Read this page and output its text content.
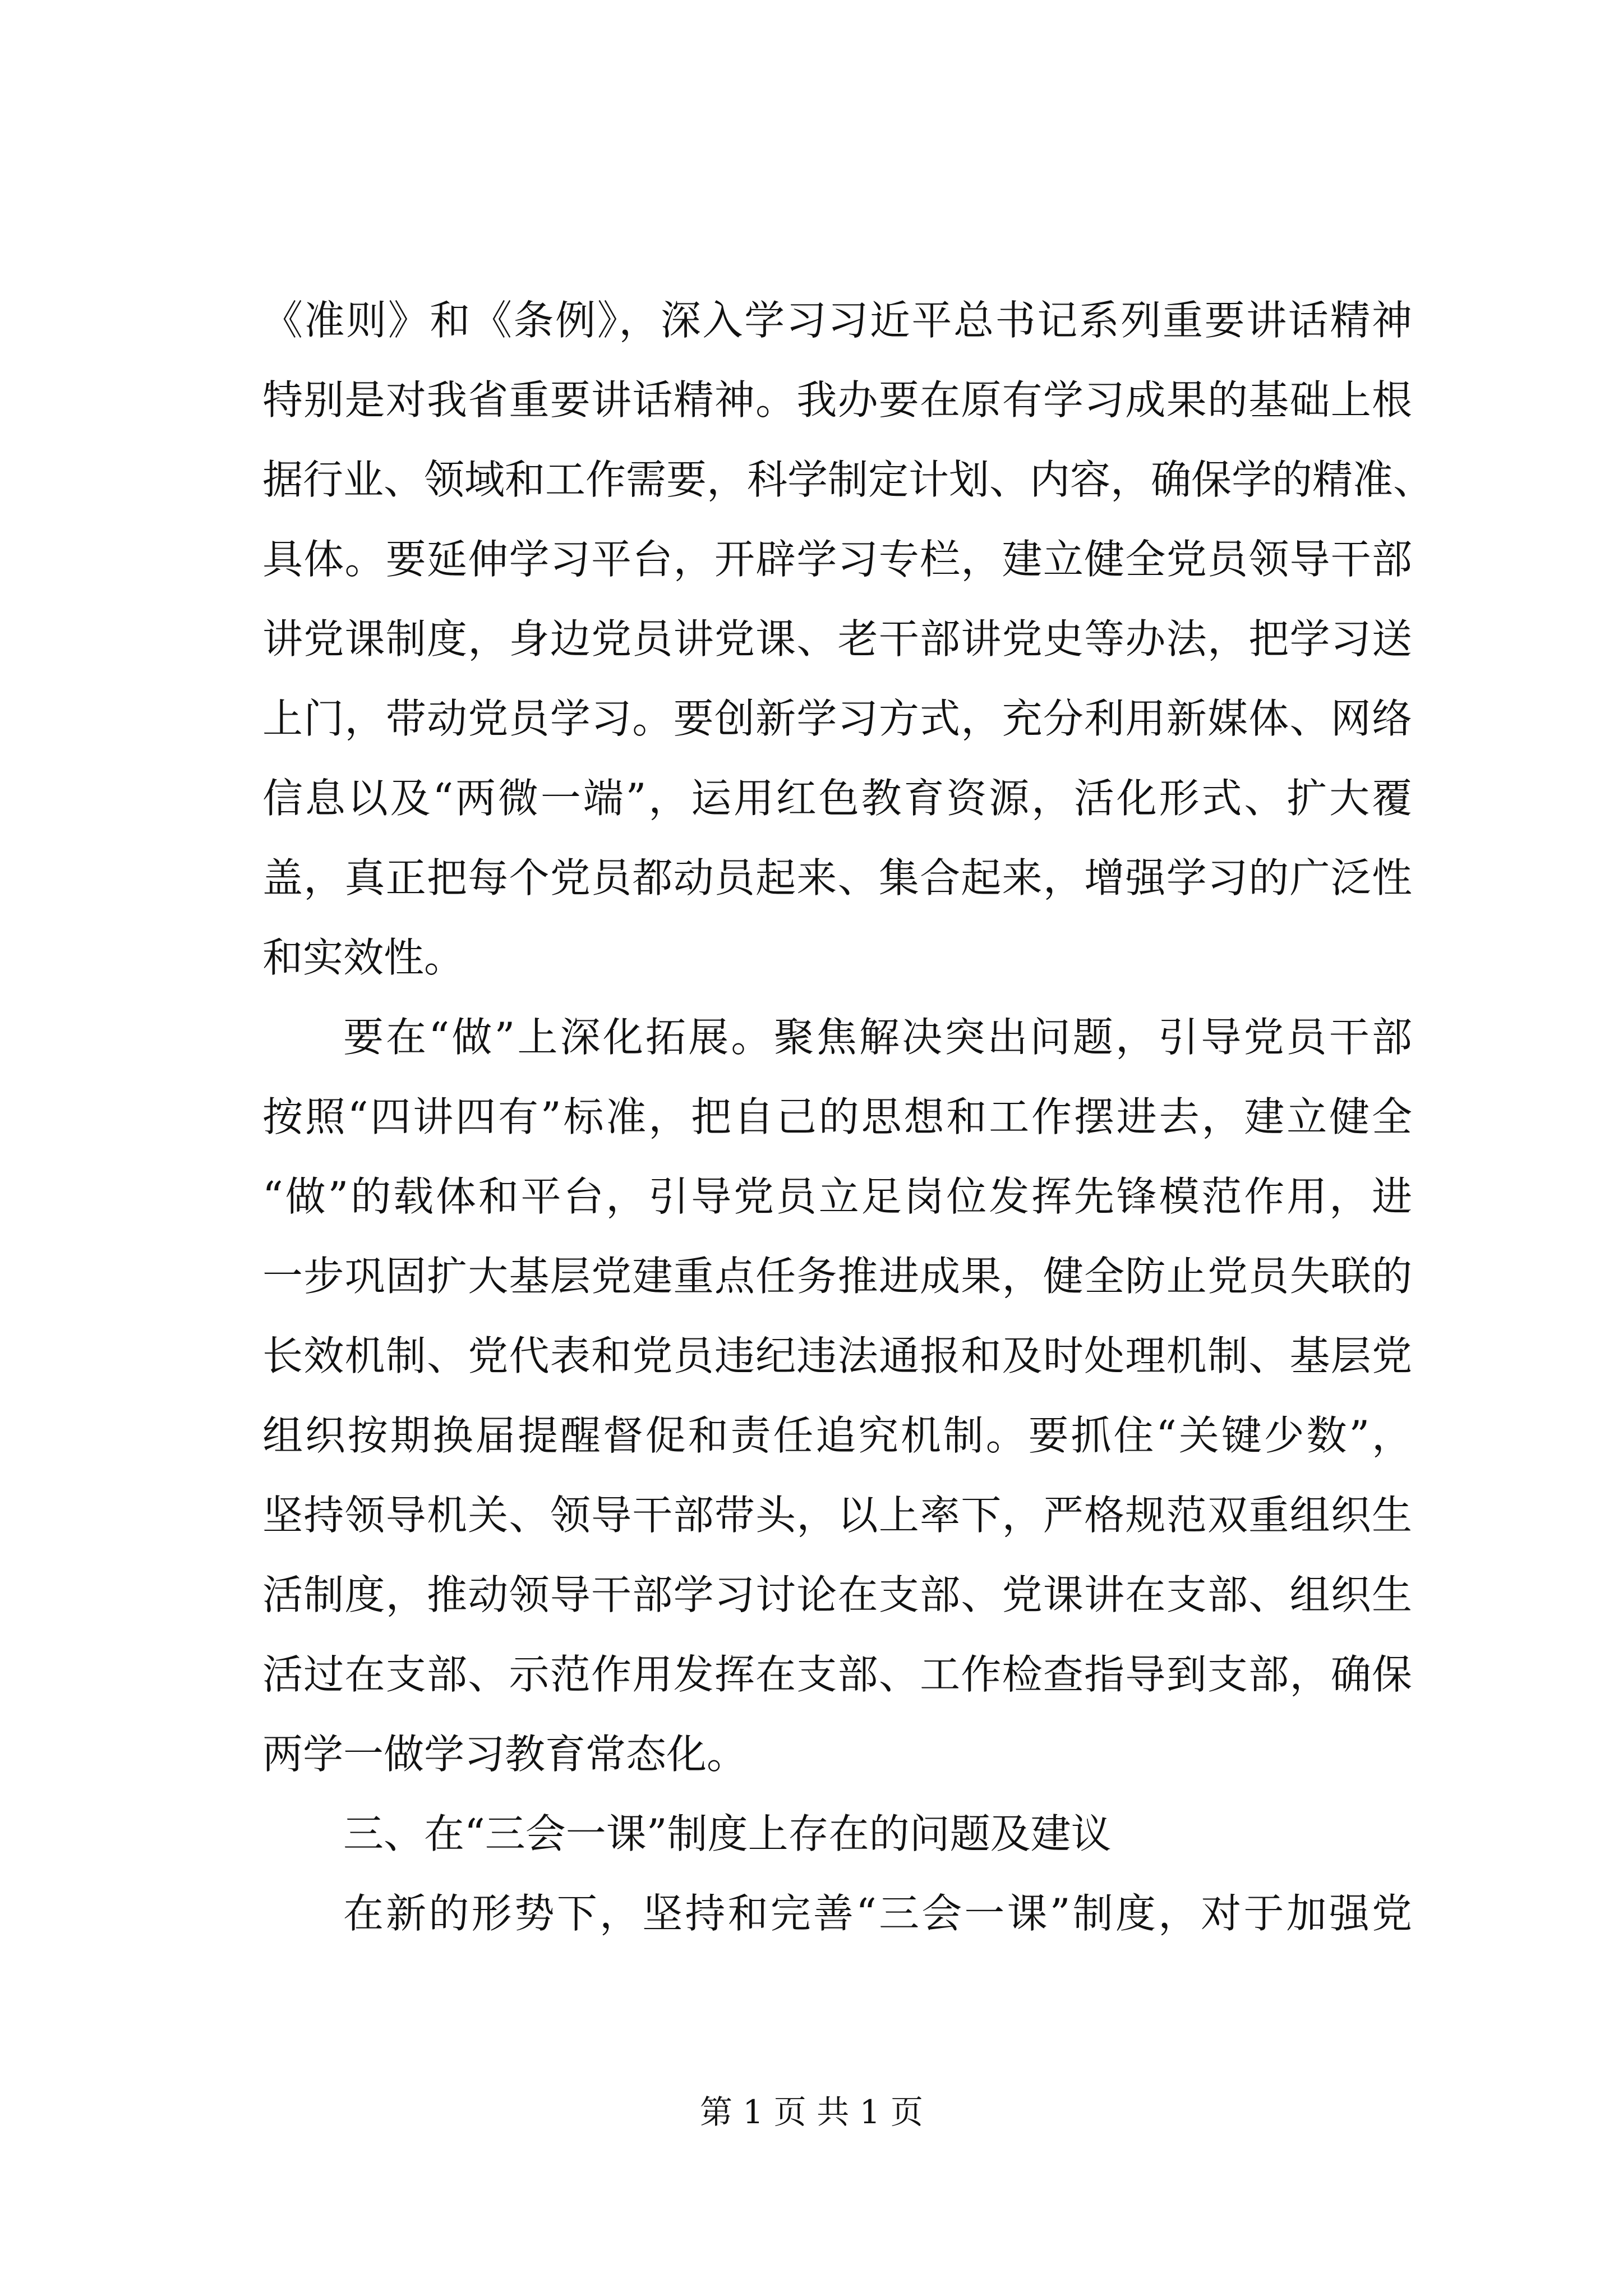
《准则》和《条例》，深入学习习近平总书记系列重要讲话精神
特别是对我省重要讲话精神。我办要在原有学习成果的基础上根
据行业、领域和工作需要，科学制定计划、内容，确保学的精准、
具体。要延伸学习平台，开辟学习专栏，建立健全党员领导干部
讲党课制度，身边党员讲党课、老干部讲党史等办法，把学习送
上门，带动党员学习。要创新学习方式，充分利用新媒体、网络
信息以及“两微一端”，运用红色教育资源，活化形式、扩大覆
盖，真正把每个党员都动员起来、集合起来，增强学习的广泛性
和实效性。
要在“做”上深化拓展。聚焦解决突出问题，引导党员干部
按照“四讲四有”标准，把自己的思想和工作摆进去，建立健全
“做”的载体和平台，引导党员立足岗位发挥先锋模范作用，进
一步巩固扩大基层党建重点任务推进成果，健全防止党员失联的
长效机制、党代表和党员违纪违法通报和及时处理机制、基层党
组织按期换届提醒督促和责任追究机制。要抓住“关键少数”，
坚持领导机关、领导干部带头，以上率下，严格规范双重组织生
活制度，推动领导干部学习讨论在支部、党课讲在支部、组织生
活过在支部、示范作用发挥在支部、工作检查指导到支部，确保
两学一做学习教育常态化。
三、在“三会一课”制度上存在的问题及建议
在新的形势下，坚持和完善“三会一课”制度，对于加强党
第 1 页 共 1 页
